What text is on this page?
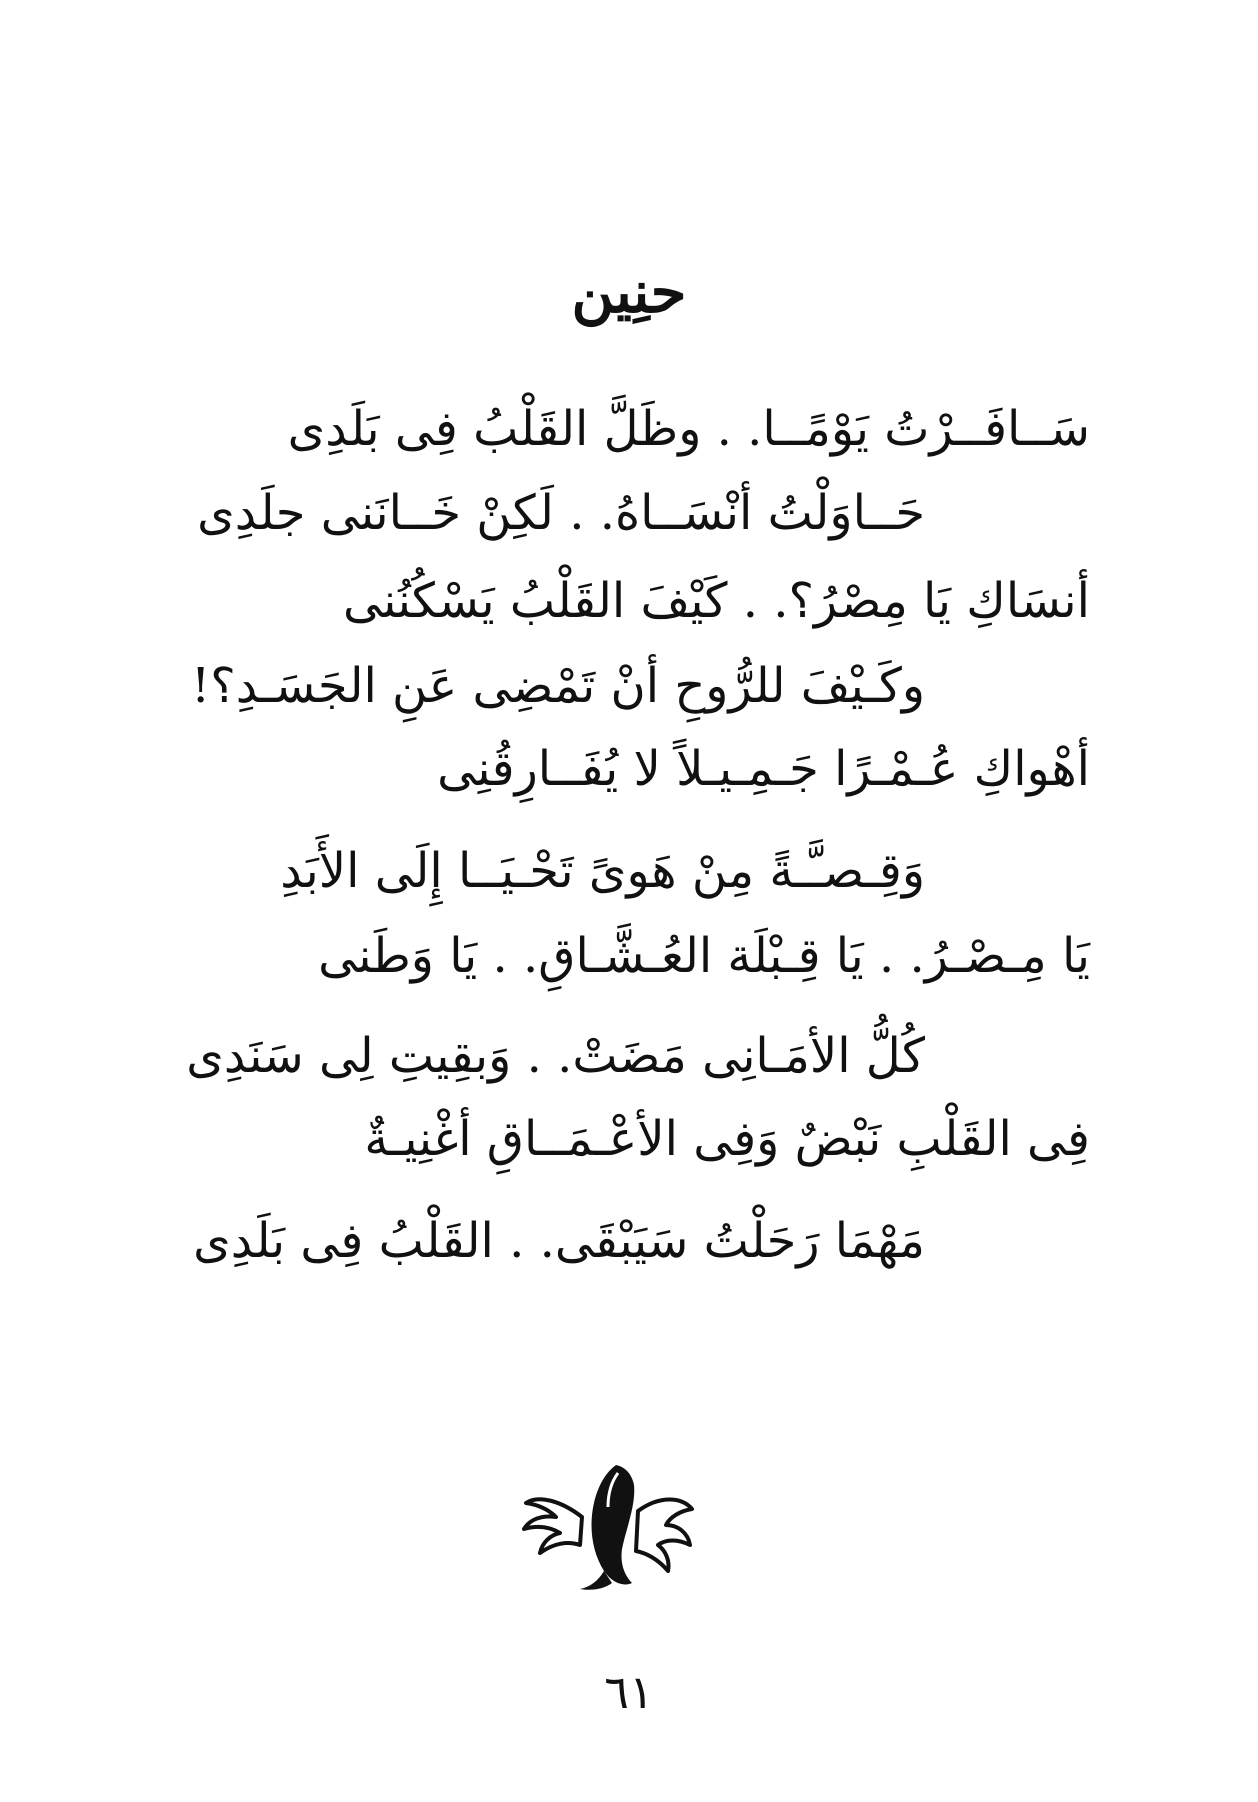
حنِين
سَــافَــرْتُ يَوْمًــا. . وظَلَّ القَلْبُ فِى بَلَدِى
حَــاوَلْتُ أنْسَــاهُ. . لَكِنْ خَــانَنى جلَدِى
أنسَاكِ يَا مِصْرُ؟. . كَيْفَ القَلْبُ يَسْكُنُنى
وكَـيْفَ للرُّوحِ أنْ تَمْضِى عَنِ الجَسَـدِ؟!
أهْواكِ عُـمْـرًا جَـمِـيـلاً لا يُفَــارِقُنِى
وَقِـصـَّـةً مِنْ هَوىً تَحْـيَــا إِلَى الأَبَدِ
يَا مِـصْـرُ. . يَا قِـبْلَة العُـشَّـاقِ. . يَا وَطَنى
كُلُّ الأمَـانِى مَضَتْ. . وَبقِيتِ لِى سَنَدِى
فِى القَلْبِ نَبْضٌ وَفِى الأعْـمَــاقِ أغْنِيـةٌ
مَهْمَا رَحَلْتُ سَيَبْقَى. . القَلْبُ فِى بَلَدِى
٦١
